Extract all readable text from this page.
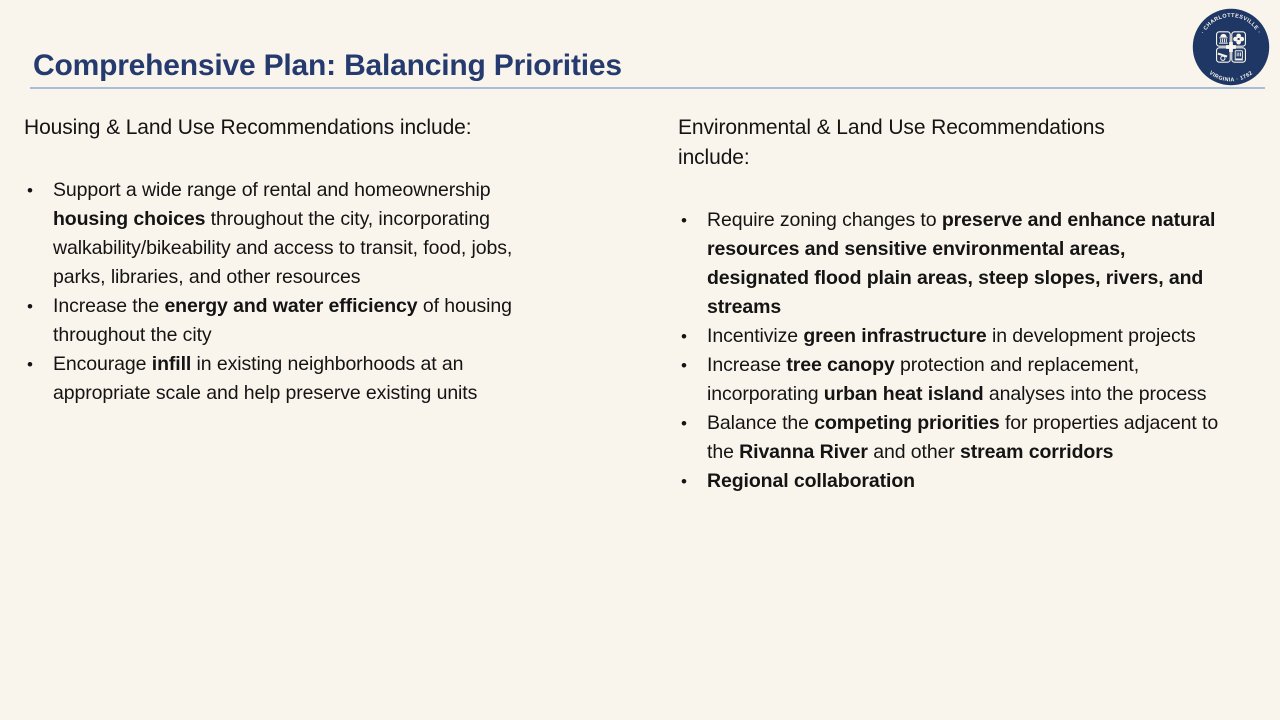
Comprehensive Plan: Balancing Priorities
· CHARLOTTESVILLE ·
VIRGINIA · 1762
Housing & Land Use Recommendations include:
• Support a wide range of rental and homeownership housing choices throughout the city, incorporating walkability/bikeability and access to transit, food, jobs, parks, libraries, and other resources
• Increase the energy and water efficiency of housing throughout the city
• Encourage infill in existing neighborhoods at an appropriate scale and help preserve existing units
Environmental & Land Use Recommendations include:
• Require zoning changes to preserve and enhance natural resources and sensitive environmental areas, designated flood plain areas, steep slopes, rivers, and streams
• Incentivize green infrastructure in development projects
• Increase tree canopy protection and replacement, incorporating urban heat island analyses into the process
• Balance the competing priorities for properties adjacent to the Rivanna River and other stream corridors
• Regional collaboration
